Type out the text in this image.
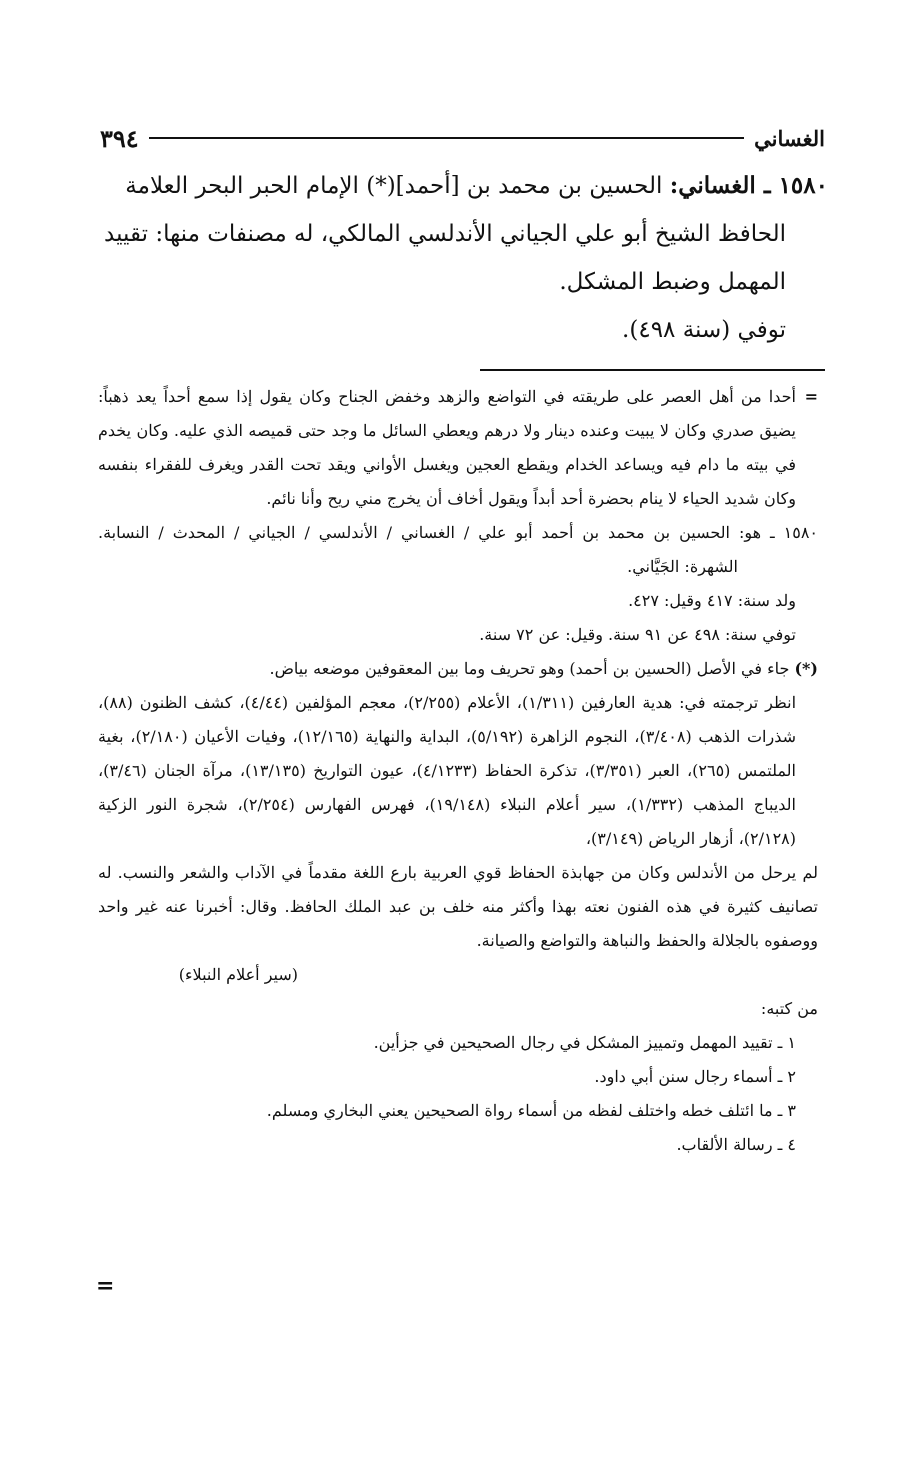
الغساني
٣٩٤
١٥٨٠ ـ الغساني: الحسين بن محمد بن [أحمد](*) الإمام الحبر البحر العلامة
الحافظ الشيخ أبو علي الجياني الأندلسي المالكي، له مصنفات منها: تقييد
المهمل وضبط المشكل.
توفي (سنة ٤٩٨).

=
أحدا من أهل العصر على طريقته في التواضع والزهد وخفض الجناح وكان يقول إذا سمع أحداً يعد ذهباً: يضيق صدري وكان لا يبيت وعنده دينار ولا درهم ويعطي السائل ما وجد حتى قميصه الذي عليه. وكان يخدم في بيته ما دام فيه ويساعد الخدام ويقطع العجين ويغسل الأواني ويقد تحت القدر ويغرف للفقراء بنفسه وكان شديد الحياء لا ينام بحضرة أحد أبداً ويقول أخاف أن يخرج مني ريح وأنا نائم.

١٥٨٠ ـ هو: الحسين بن محمد بن أحمد أبو علي / الغساني / الأندلسي / الجياني / المحدث / النسابة. الشهرة: الجَيَّاني.

ولد سنة: ٤١٧ وقيل: ٤٢٧.

توفي سنة: ٤٩٨ عن ٩١ سنة. وقيل: عن ٧٢ سنة.

(*) جاء في الأصل (الحسين بن أحمد) وهو تحريف وما بين المعقوفين موضعه بياض.

انظر ترجمته في: هدية العارفين (١/٣١١)، الأعلام (٢/٢٥٥)، معجم المؤلفين (٤/٤٤)، كشف الظنون (٨٨)، شذرات الذهب (٣/٤٠٨)، النجوم الزاهرة (٥/١٩٢)، البداية والنهاية (١٢/١٦٥)، وفيات الأعيان (٢/١٨٠)، بغية الملتمس (٢٦٥)، العبر (٣/٣٥١)، تذكرة الحفاظ (٤/١٢٣٣)، عيون التواريخ (١٣/١٣٥)، مرآة الجنان (٣/٤٦)، الديباج المذهب (١/٣٣٢)، سير أعلام النبلاء (١٩/١٤٨)، فهرس الفهارس (٢/٢٥٤)، شجرة النور الزكية (٢/١٢٨)، أزهار الرياض (٣/١٤٩)،

لم يرحل من الأندلس وكان من جهابذة الحفاظ قوي العربية بارع اللغة مقدماً في الآداب والشعر والنسب. له تصانيف كثيرة في هذه الفنون نعته بهذا وأكثر منه خلف بن عبد الملك الحافظ. وقال: أخبرنا عنه غير واحد ووصفوه بالجلالة والحفظ والنباهة والتواضع والصيانة.

(سير أعلام النبلاء)

من كتبه:

١ ـ تقييد المهمل وتمييز المشكل في رجال الصحيحين في جزأين.

٢ ـ أسماء رجال سنن أبي داود.

٣ ـ ما ائتلف خطه واختلف لفظه من أسماء رواة الصحيحين يعني البخاري ومسلم.

٤ ـ رسالة الألقاب.

=
